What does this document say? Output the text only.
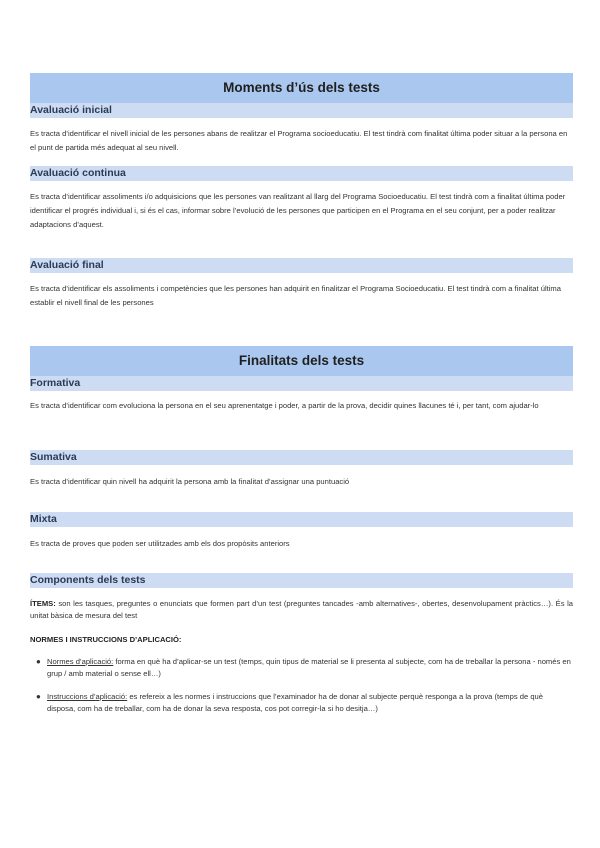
Moments d’ús dels tests
Avaluació inicial
Es tracta d’identificar el nivell inicial de les persones abans de realitzar el Programa socioeducatiu. El test tindrà com finalitat última poder situar a la persona en el punt de partida més adequat al seu nivell.
Avaluació continua
Es tracta d’identificar assoliments i/o adquisicions que les persones van realitzant al llarg del Programa Socioeducatiu. El test tindrà com a finalitat última poder identificar el progrés individual i, si és el cas, informar sobre l’evolució de les persones que participen en el Programa en el seu conjunt, per a poder realitzar adaptacions d’aquest.
Avaluació final
Es tracta d’identificar els assoliments i competències que les persones han adquirit en finalitzar el Programa Socioeducatiu. El test tindrà com a finalitat última establir el nivell final de les persones
Finalitats dels tests
Formativa
Es tracta d’identificar com evoluciona la persona en el seu aprenentatge i poder, a partir de la prova, decidir quines llacunes té i, per tant, com ajudar-lo
Sumativa
Es tracta d’identificar quin nivell ha adquirit la persona amb la finalitat d’assignar una puntuació
Mixta
Es tracta de proves que poden ser utilitzades amb els dos propòsits anteriors
Components dels tests
ÍTEMS: son les tasques, preguntes o enunciats que formen part d’un test (preguntes tancades -amb alternatives-, obertes, desenvolupament pràctics…). És la unitat bàsica de mesura del test
NORMES I INSTRUCCIONS D’APLICACIÓ:
● Normes d’aplicació: forma en què ha d’aplicar-se un test (temps, quin tipus de material se li presenta al subjecte, com ha de treballar la persona - només en grup / amb material o sense ell…)
● Instruccions d’aplicació: es refereix a les normes i instruccions que l’examinador ha de donar al subjecte perquè responga a la prova (temps de què disposa, com ha de treballar, com ha de donar la seva resposta, cos pot corregir-la si ho desitja…)
